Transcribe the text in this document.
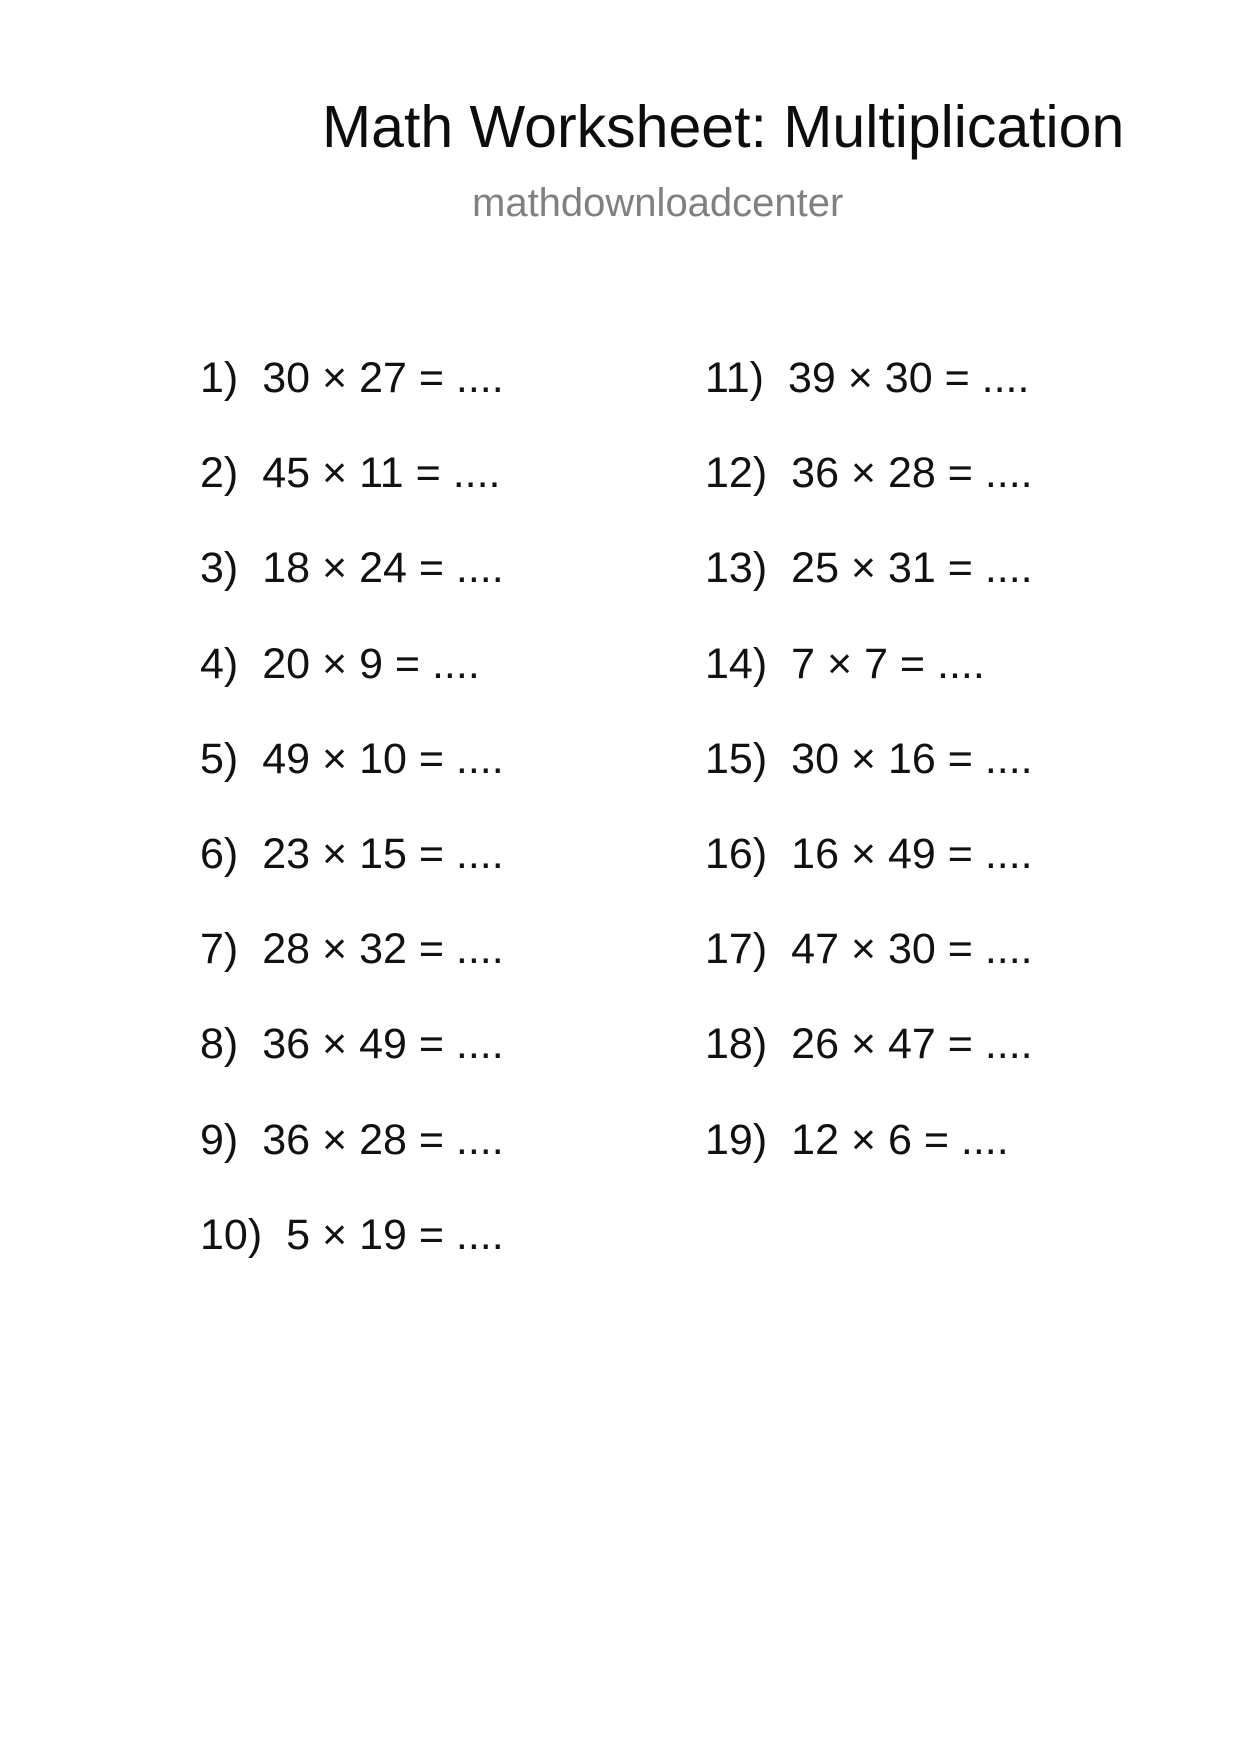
Math Worksheet: Multiplication
mathdownloadcenter
1) 30 × 27 = ....
2) 45 × 11 = ....
3) 18 × 24 = ....
4) 20 × 9 = ....
5) 49 × 10 = ....
6) 23 × 15 = ....
7) 28 × 32 = ....
8) 36 × 49 = ....
9) 36 × 28 = ....
10) 5 × 19 = ....
11) 39 × 30 = ....
12) 36 × 28 = ....
13) 25 × 31 = ....
14) 7 × 7 = ....
15) 30 × 16 = ....
16) 16 × 49 = ....
17) 47 × 30 = ....
18) 26 × 47 = ....
19) 12 × 6 = ....
